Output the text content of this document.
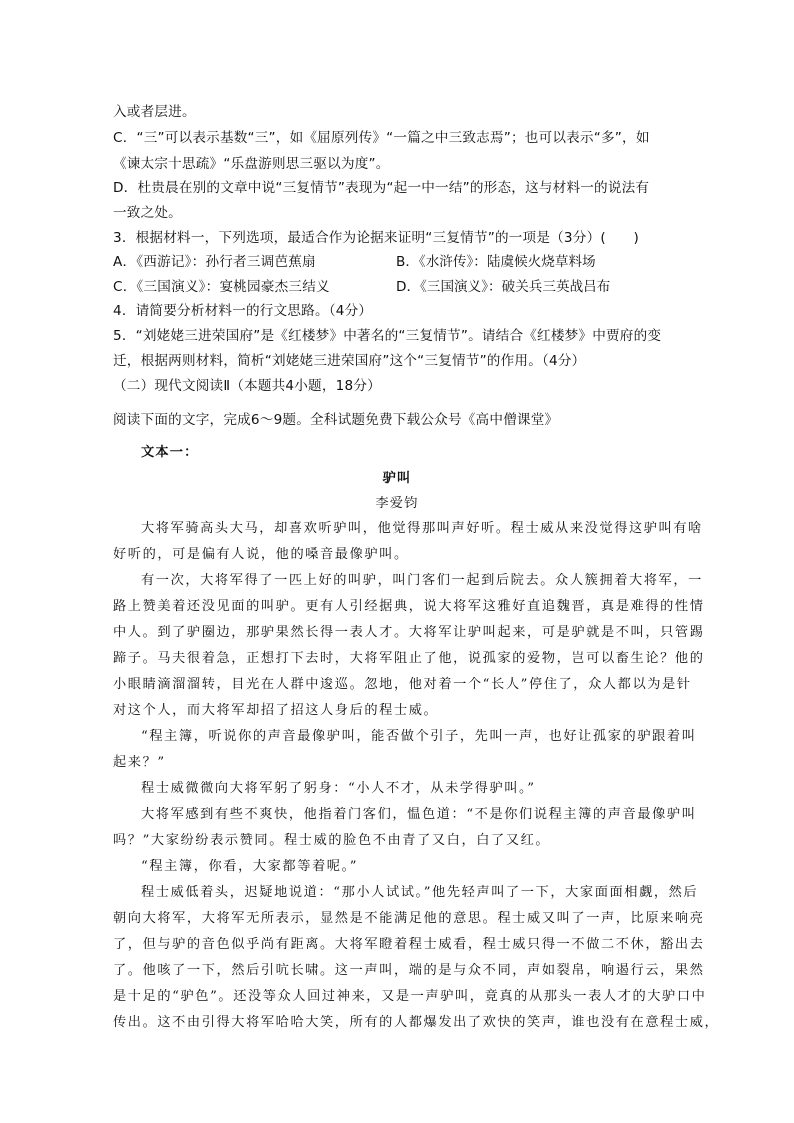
入或者层进。
C．“三”可以表示基数“三”，如《屈原列传》“一篇之中三致志焉”；也可以表示“多”，如
《谏太宗十思疏》“乐盘游则思三驱以为度”。
D．杜贵晨在别的文章中说“三复情节”表现为“起一中一结”的形态，这与材料一的说法有
一致之处。
3．根据材料一，下列选项，最适合作为论据来证明“三复情节”的一项是（3分）(　　)
A．《西游记》：孙行者三调芭蕉扇	B．《水浒传》：陆虞候火烧草料场
C．《三国演义》：宴桃园豪杰三结义	D．《三国演义》：破关兵三英战吕布
4．请简要分析材料一的行文思路。（4分）
5．“刘姥姥三进荣国府”是《红楼梦》中著名的“三复情节”。请结合《红楼梦》中贾府的变
迁，根据两则材料，简析“刘姥姥三进荣国府”这个“三复情节”的作用。（4分）
（二）现代文阅读Ⅱ（本题共4小题，18分）
阅读下面的文字，完成6～9题。全科试题免费下载公众号《高中僧课堂》
文本一：
驴叫
李爱钧
大将军骑高头大马，却喜欢听驴叫，他觉得那叫声好听。程士威从来没觉得这驴叫有啥
好听的，可是偏有人说，他的嗓音最像驴叫。
有一次，大将军得了一匹上好的叫驴，叫门客们一起到后院去。众人簇拥着大将军，一
路上赞美着还没见面的叫驴。更有人引经据典，说大将军这雅好直追魏晋，真是难得的性情
中人。到了驴圈边，那驴果然长得一表人才。大将军让驴叫起来，可是驴就是不叫，只管踢
蹄子。马夫很着急，正想打下去时，大将军阻止了他，说孤家的爱物，岂可以畜生论？他的
小眼睛滴溜溜转，目光在人群中逡巡。忽地，他对着一个“长人”停住了，众人都以为是针
对这个人，而大将军却招了招这人身后的程士威。
“程主簿，听说你的声音最像驴叫，能否做个引子，先叫一声，也好让孤家的驴跟着叫
起来？”
程士威微微向大将军躬了躬身：“小人不才，从未学得驴叫。”
大将军感到有些不爽快，他指着门客们，愠色道：“不是你们说程主簿的声音最像驴叫
吗？”大家纷纷表示赞同。程士威的脸色不由青了又白，白了又红。
“程主簿，你看，大家都等着呢。”
程士威低着头，迟疑地说道：“那小人试试。”他先轻声叫了一下，大家面面相觑，然后
朝向大将军，大将军无所表示，显然是不能满足他的意思。程士威又叫了一声，比原来响亮
了，但与驴的音色似乎尚有距离。大将军瞪着程士威看，程士威只得一不做二不休，豁出去
了。他咳了一下，然后引吭长啸。这一声叫，端的是与众不同，声如裂帛，响遏行云，果然
是十足的“驴色”。还没等众人回过神来，又是一声驴叫，竟真的从那头一表人才的大驴口中
传出。这不由引得大将军哈哈大笑，所有的人都爆发出了欢快的笑声，谁也没有在意程士威，
